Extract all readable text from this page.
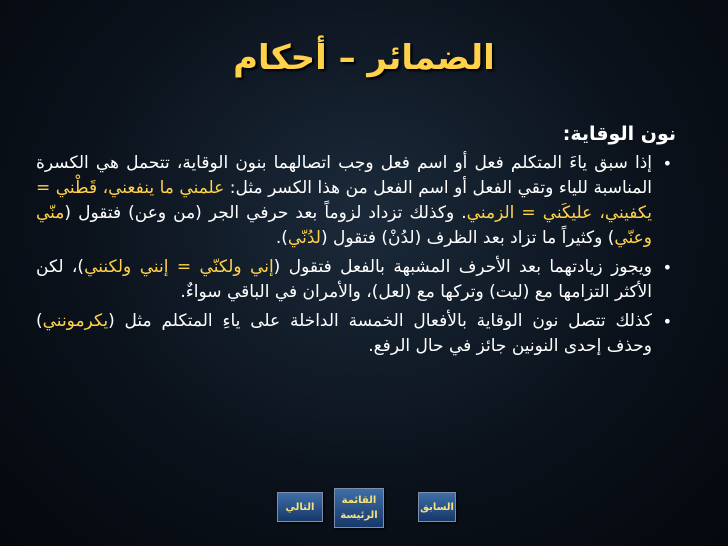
الضمائر – أحكام
نون الوقاية:
•
إذا سبق ياءَ المتكلم فعل أو اسم فعل وجب اتصالهما بنون الوقاية، تتحمل هي الكسرة المناسبة للياء وتقي الفعل أو اسم الفعل من هذا الكسر مثل: علمني ما ينفعني، قَطْني = يكفيني، عليكَني = الزمني. وكذلك تزداد لزوماً بعد حرفي الجر (من وعن) فتقول (منّي وعنّي) وكثيراً ما تزاد بعد الظرف (لدُنْ) فتقول (لدُنّي).
•
ويجوز زيادتهما بعد الأحرف المشبهة بالفعل فتقول (إني ولكنّي = إنني ولكنني)، لكن الأكثر التزامها مع (ليت) وتركها مع (لعل)، والأمران في الباقي سواءٌ.
•
كذلك تتصل نون الوقاية بالأفعال الخمسة الداخلة على ياءِ المتكلم مثل (يكرمونني) وحذف إحدى النونين جائز في حال الرفع.
التالي
القائمة الرئيسة
السابق
